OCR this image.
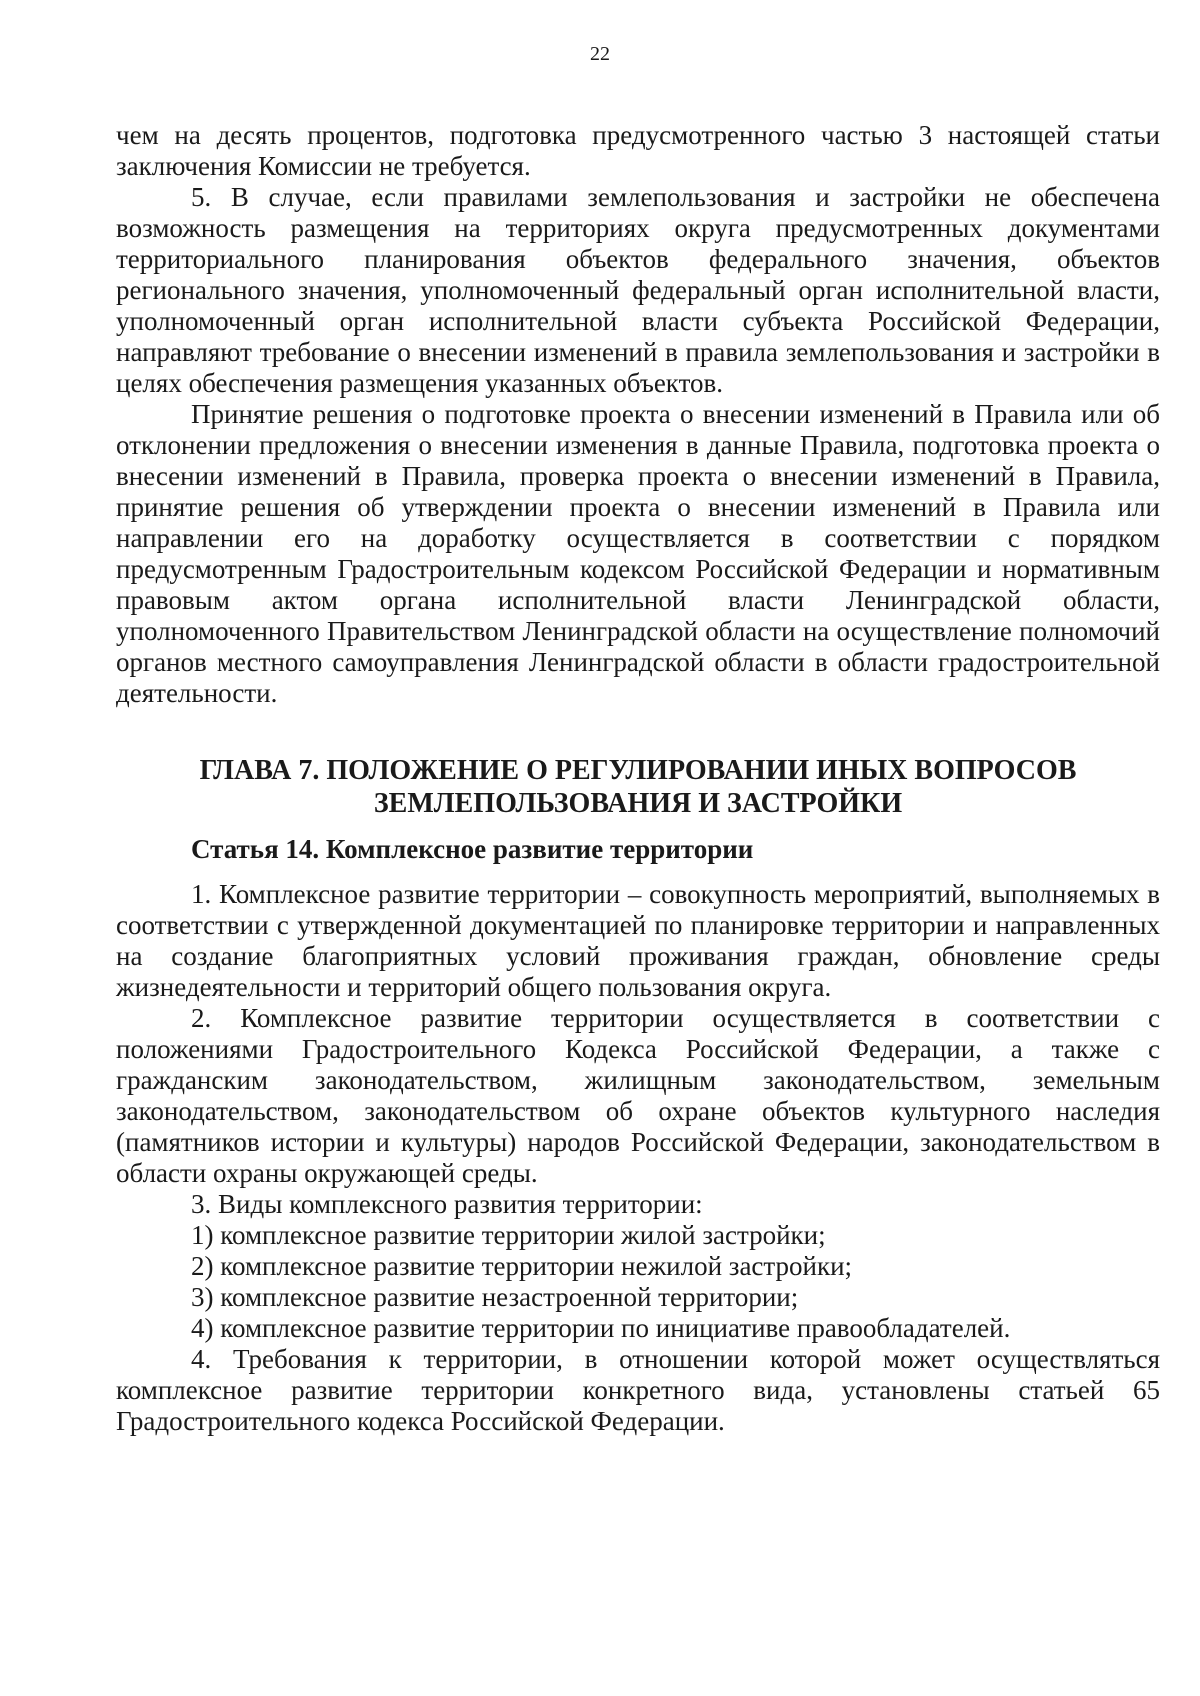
22

чем на десять процентов, подготовка предусмотренного частью 3 настоящей статьи заключения Комиссии не требуется.

5. В случае, если правилами землепользования и застройки не обеспечена возможность размещения на территориях округа предусмотренных документами территориального планирования объектов федерального значения, объектов регионального значения, уполномоченный федеральный орган исполнительной власти, уполномоченный орган исполнительной власти субъекта Российской Федерации, направляют требование о внесении изменений в правила землепользования и застройки в целях обеспечения размещения указанных объектов.

Принятие решения о подготовке проекта о внесении изменений в Правила или об отклонении предложения о внесении изменения в данные Правила, подготовка проекта о внесении изменений в Правила, проверка проекта о внесении изменений в Правила, принятие решения об утверждении проекта о внесении изменений в Правила или направлении его на доработку осуществляется в соответствии с порядком предусмотренным Градостроительным кодексом Российской Федерации и нормативным правовым актом органа исполнительной власти Ленинградской области, уполномоченного Правительством Ленинградской области на осуществление полномочий органов местного самоуправления Ленинградской области в области градостроительной деятельности.

ГЛАВА 7. ПОЛОЖЕНИЕ О РЕГУЛИРОВАНИИ ИНЫХ ВОПРОСОВ ЗЕМЛЕПОЛЬЗОВАНИЯ И ЗАСТРОЙКИ

Статья 14. Комплексное развитие территории

1. Комплексное развитие территории – совокупность мероприятий, выполняемых в соответствии с утвержденной документацией по планировке территории и направленных на создание благоприятных условий проживания граждан, обновление среды жизнедеятельности и территорий общего пользования округа.

2. Комплексное развитие территории осуществляется в соответствии с положениями Градостроительного Кодекса Российской Федерации, а также с гражданским законодательством, жилищным законодательством, земельным законодательством, законодательством об охране объектов культурного наследия (памятников истории и культуры) народов Российской Федерации, законодательством в области охраны окружающей среды.

3. Виды комплексного развития территории:

1) комплексное развитие территории жилой застройки;

2) комплексное развитие территории нежилой застройки;

3) комплексное развитие незастроенной территории;

4) комплексное развитие территории по инициативе правообладателей.

4. Требования к территории, в отношении которой может осуществляться комплексное развитие территории конкретного вида, установлены статьей 65 Градостроительного кодекса Российской Федерации.
